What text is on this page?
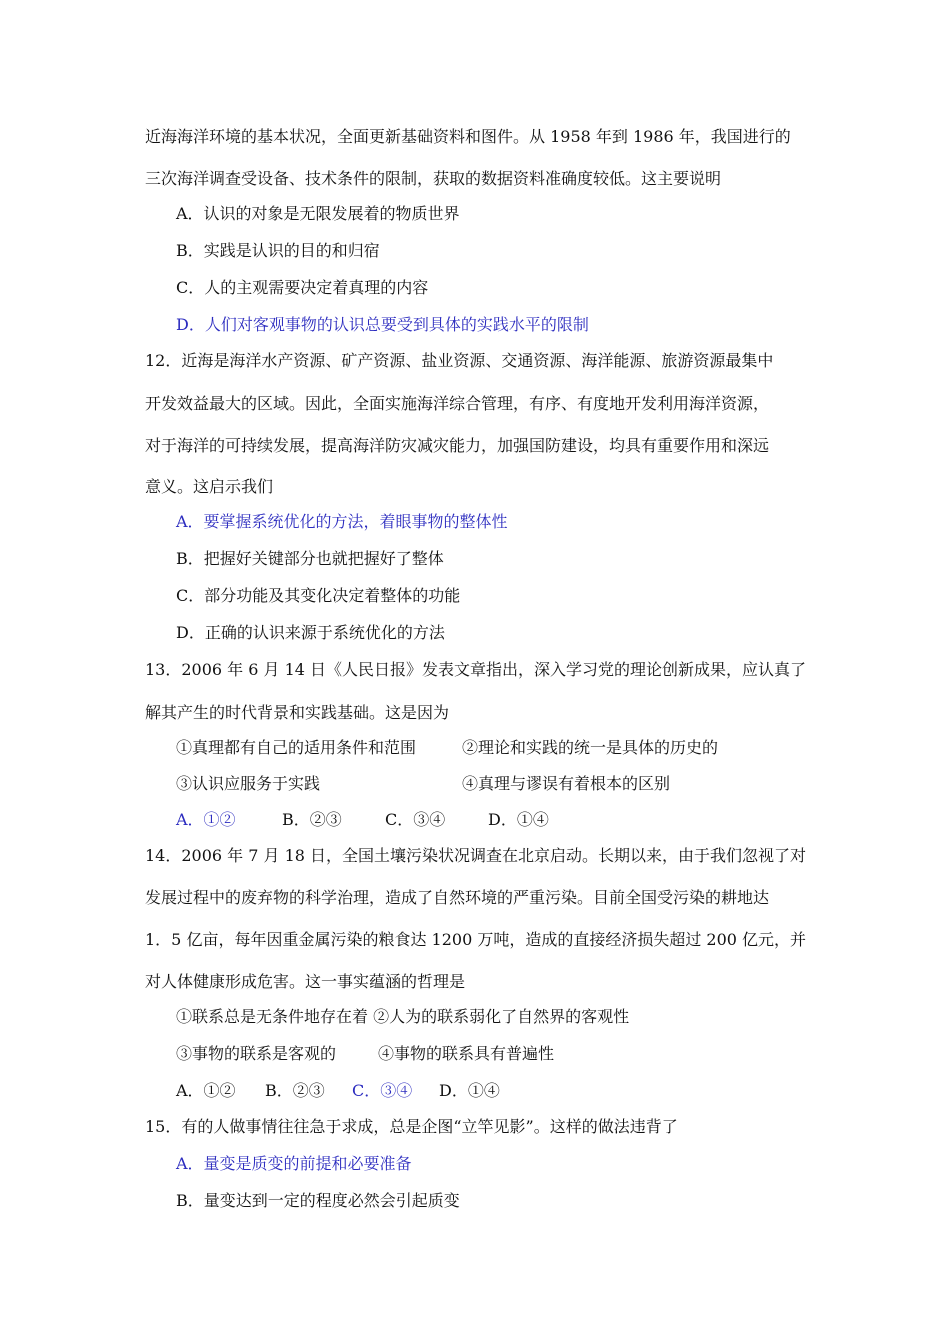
近海海洋环境的基本状况，全面更新基础资料和图件。从 1958 年到 1986 年，我国进行的
三次海洋调查受设备、技术条件的限制，获取的数据资料准确度较低。这主要说明
A．认识的对象是无限发展着的物质世界
B．实践是认识的目的和归宿
C．人的主观需要决定着真理的内容
D．人们对客观事物的认识总要受到具体的实践水平的限制
12．近海是海洋水产资源、矿产资源、盐业资源、交通资源、海洋能源、旅游资源最集中
开发效益最大的区域。因此，全面实施海洋综合管理，有序、有度地开发利用海洋资源，
对于海洋的可持续发展，提高海洋防灾减灾能力，加强国防建设，均具有重要作用和深远
意义。这启示我们
A．要掌握系统优化的方法，着眼事物的整体性
B．把握好关键部分也就把握好了整体
C．部分功能及其变化决定着整体的功能
D．正确的认识来源于系统优化的方法
13．2006 年 6 月 14 日《人民日报》发表文章指出，深入学习党的理论创新成果，应认真了
解其产生的时代背景和实践基础。这是因为
①真理都有自己的适用条件和范围	②理论和实践的统一是具体的历史的
③认识应服务于实践	④真理与谬误有着根本的区别
A．①②	B．②③	C．③④	D．①④
14．2006 年 7 月 18 日，全国土壤污染状况调查在北京启动。长期以来，由于我们忽视了对
发展过程中的废弃物的科学治理，造成了自然环境的严重污染。目前全国受污染的耕地达
1．5 亿亩，每年因重金属污染的粮食达 1200 万吨，造成的直接经济损失超过 200 亿元，并
对人体健康形成危害。这一事实蕴涵的哲理是
①联系总是无条件地存在着 ②人为的联系弱化了自然界的客观性
③事物的联系是客观的	④事物的联系具有普遍性
A．①② B．②③ C．③④ D．①④
15．有的人做事情往往急于求成，总是企图“立竿见影”。这样的做法违背了
A．量变是质变的前提和必要准备
B．量变达到一定的程度必然会引起质变
